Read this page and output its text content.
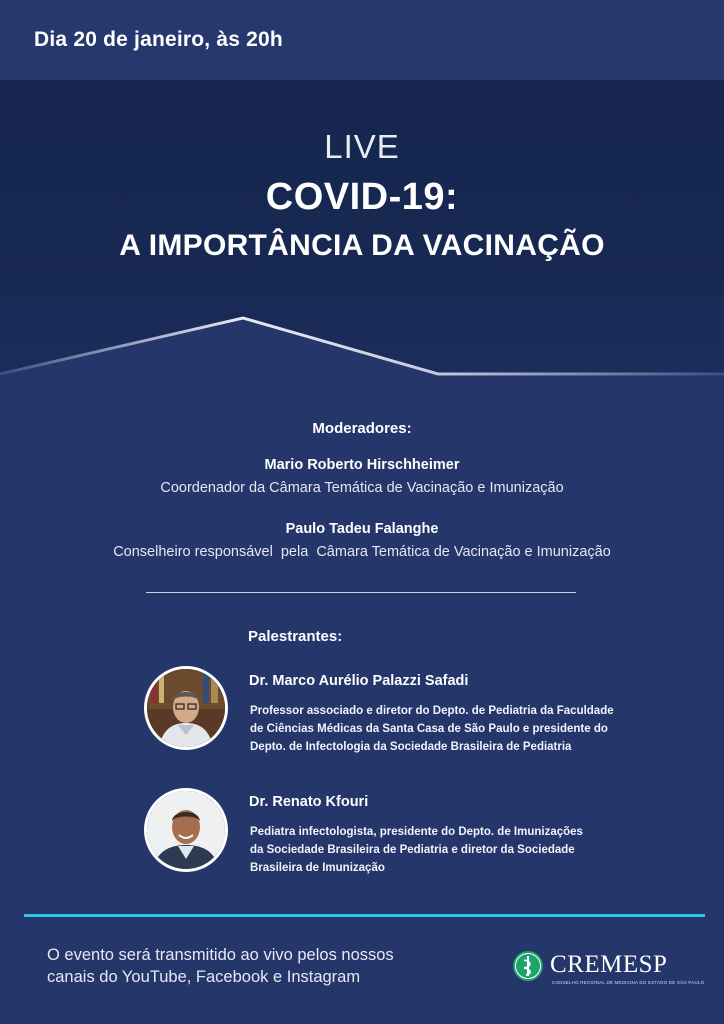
Dia 20 de janeiro, às 20h
LIVE
COVID-19:
A IMPORTÂNCIA DA VACINAÇÃO
Moderadores:
Mario Roberto Hirschheimer
Coordenador da Câmara Temática de Vacinação e Imunização
Paulo Tadeu Falanghe
Conselheiro responsável  pela  Câmara Temática de Vacinação e Imunização
Palestrantes:
Dr. Marco Aurélio Palazzi Safadi
Professor associado e diretor do Depto. de Pediatria da Faculdade
de Ciências Médicas da Santa Casa de São Paulo e presidente do
Depto. de Infectologia da Sociedade Brasileira de Pediatria
Dr. Renato Kfouri
Pediatra infectologista, presidente do Depto. de Imunizações
da Sociedade Brasileira de Pediatria e diretor da Sociedade
Brasileira de Imunização
O evento será transmitido ao vivo pelos nossos
canais do YouTube, Facebook e Instagram	CREMESP
CONSELHO REGIONAL DE MEDICINA DO ESTADO DE SÃO PAULO
